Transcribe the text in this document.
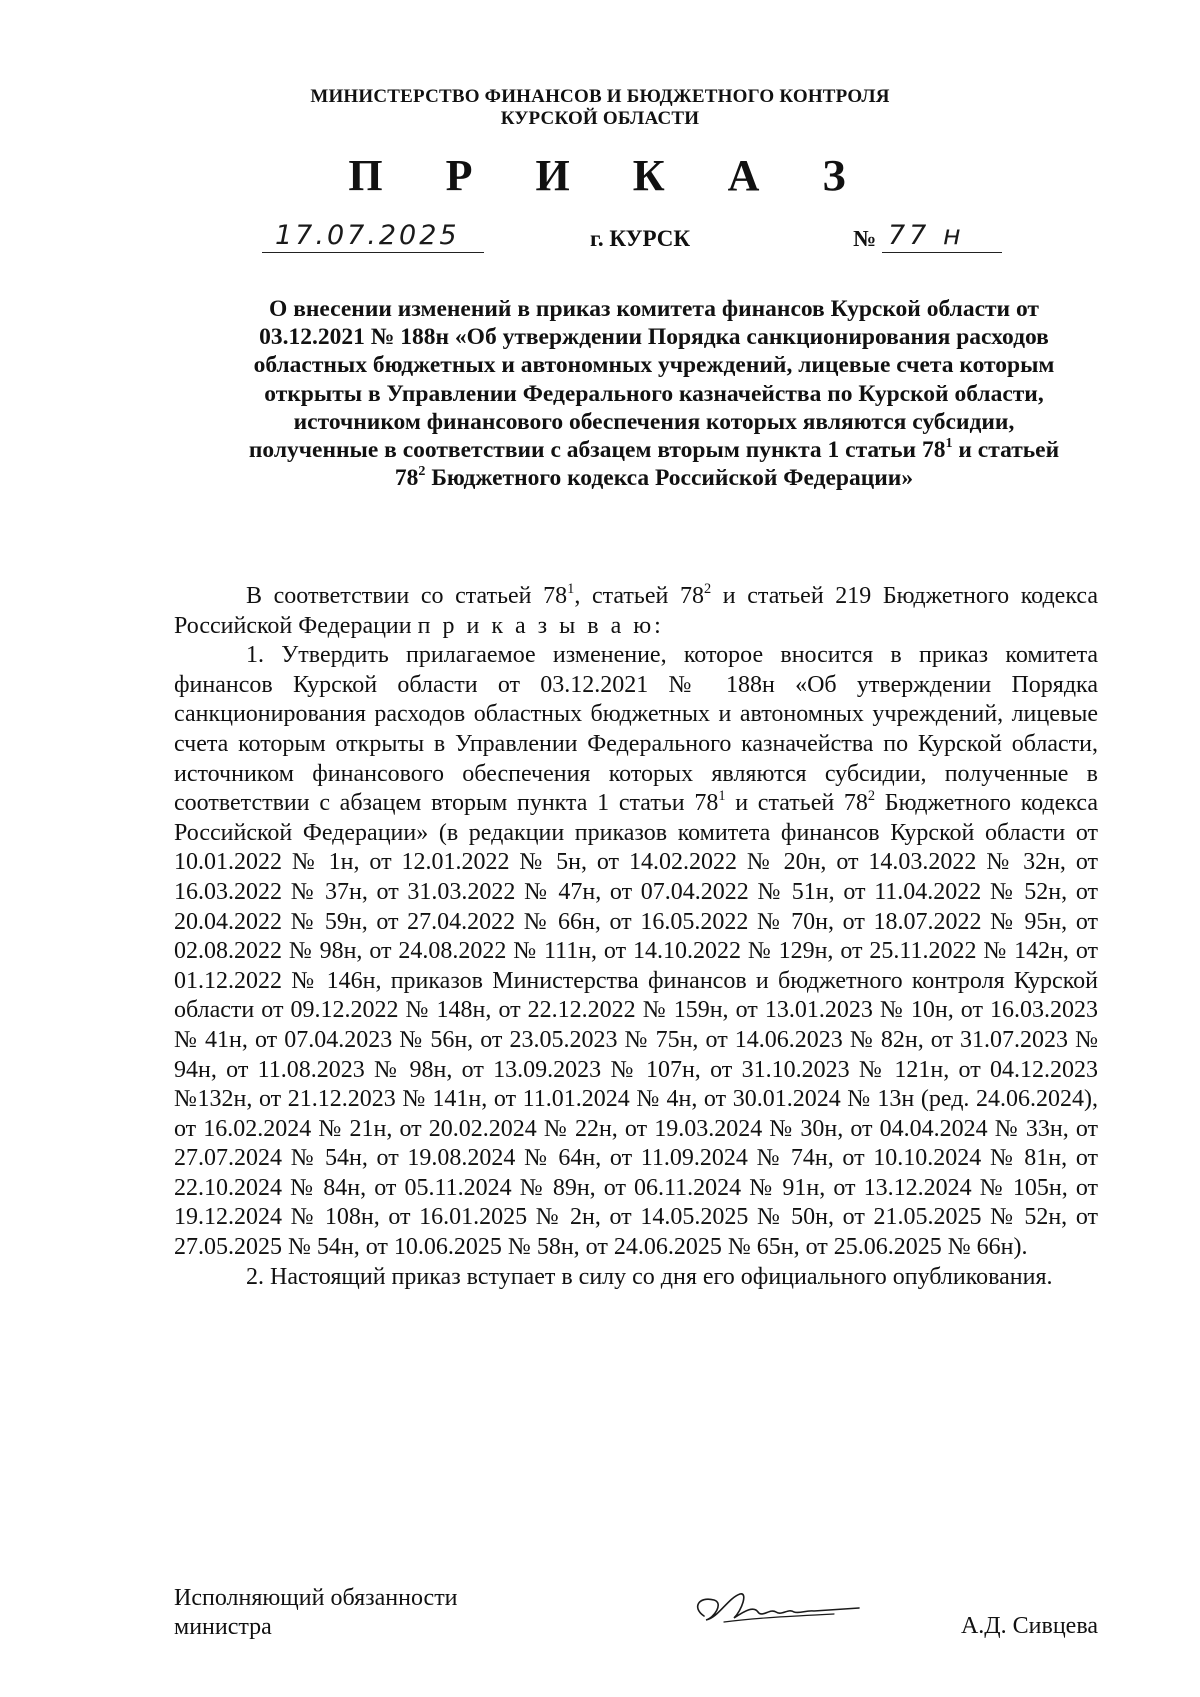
МИНИСТЕРСТВО ФИНАНСОВ И БЮДЖЕТНОГО КОНТРОЛЯ
КУРСКОЙ ОБЛАСТИ
П Р И К А З
17.07.2025	г. КУРСК	№ 77 н
О внесении изменений в приказ комитета финансов Курской области от 03.12.2021 № 188н «Об утверждении Порядка санкционирования расходов областных бюджетных и автономных учреждений, лицевые счета которым открыты в Управлении Федерального казначейства по Курской области, источником финансового обеспечения которых являются субсидии, полученные в соответствии с абзацем вторым пункта 1 статьи $78^1$ и статьей $78^2$ Бюджетного кодекса Российской Федерации»

В соответствии со статьей $78^1$, статьей $78^2$ и статьей 219 Бюджетного кодекса Российской Федерации п р и к а з ы в а ю:

1. Утвердить прилагаемое изменение, которое вносится в приказ комитета финансов Курской области от 03.12.2021 № 188н «Об утверждении Порядка санкционирования расходов областных бюджетных и автономных учреждений, лицевые счета которым открыты в Управлении Федерального казначейства по Курской области, источником финансового обеспечения которых являются субсидии, полученные в соответствии с абзацем вторым пункта 1 статьи $78^1$ и статьей $78^2$ Бюджетного кодекса Российской Федерации» (в редакции приказов комитета финансов Курской области от 10.01.2022 № 1н, от 12.01.2022 № 5н, от 14.02.2022 № 20н, от 14.03.2022 № 32н, от 16.03.2022 № 37н, от 31.03.2022 № 47н, от 07.04.2022 № 51н, от 11.04.2022 № 52н, от 20.04.2022 № 59н, от 27.04.2022 № 66н, от 16.05.2022 № 70н, от 18.07.2022 № 95н, от 02.08.2022 № 98н, от 24.08.2022 № 111н, от 14.10.2022 № 129н, от 25.11.2022 № 142н, от 01.12.2022 № 146н, приказов Министерства финансов и бюджетного контроля Курской области от 09.12.2022 № 148н, от 22.12.2022 № 159н, от 13.01.2023 № 10н, от 16.03.2023 № 41н, от 07.04.2023 № 56н, от 23.05.2023 № 75н, от 14.06.2023 № 82н, от 31.07.2023 № 94н, от 11.08.2023 № 98н, от 13.09.2023 № 107н, от 31.10.2023 № 121н, от 04.12.2023 №132н, от 21.12.2023 № 141н, от 11.01.2024 № 4н, от 30.01.2024 № 13н (ред. 24.06.2024), от 16.02.2024 № 21н, от 20.02.2024 № 22н, от 19.03.2024 № 30н, от 04.04.2024 № 33н, от 27.07.2024 № 54н, от 19.08.2024 № 64н, от 11.09.2024 № 74н, от 10.10.2024 № 81н, от 22.10.2024 № 84н, от 05.11.2024 № 89н, от 06.11.2024 № 91н, от 13.12.2024 № 105н, от 19.12.2024 № 108н, от 16.01.2025 № 2н, от 14.05.2025 № 50н, от 21.05.2025 № 52н, от 27.05.2025 № 54н, от 10.06.2025 № 58н, от 24.06.2025 № 65н, от 25.06.2025 № 66н).

2. Настоящий приказ вступает в силу со дня его официального опубликования.

Исполняющий обязанности
министра	А.Д. Сивцева
